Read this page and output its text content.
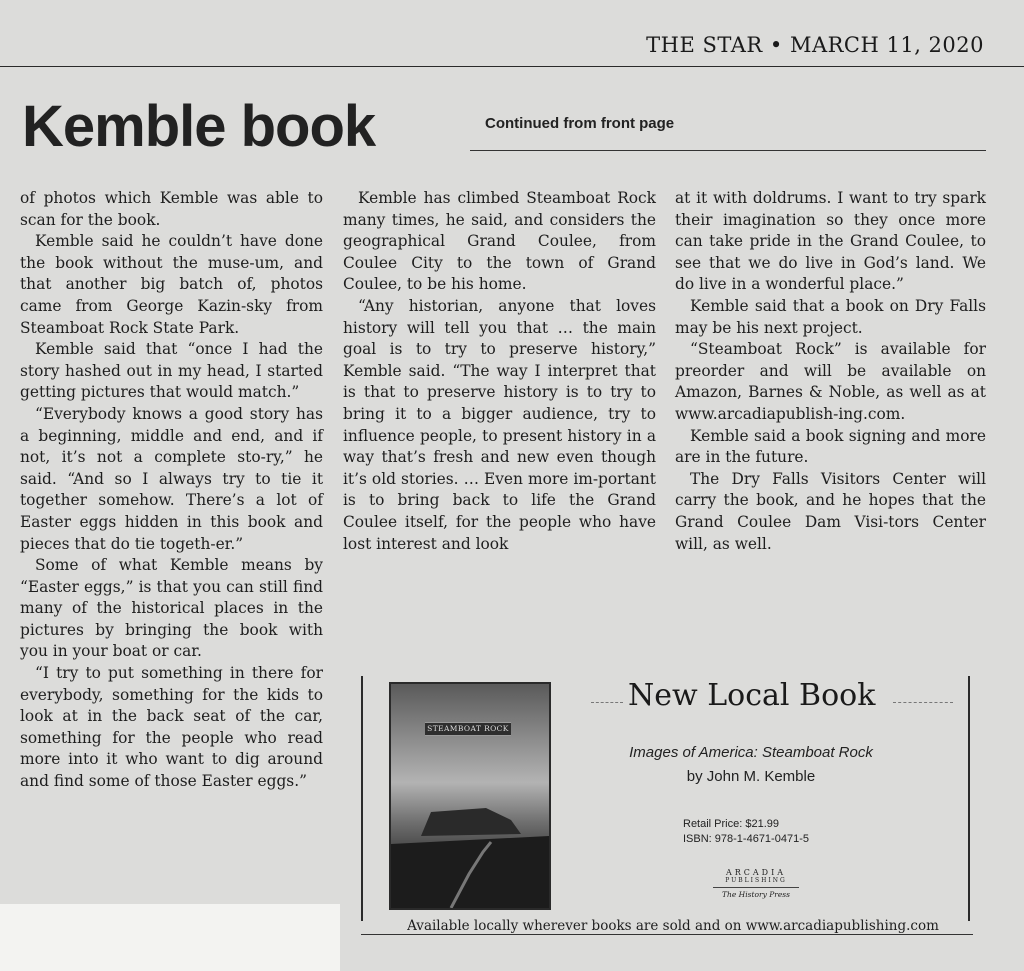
THE STAR • MARCH 11, 2020
Kemble book	Continued from front page

of photos which Kemble was able to scan for the book.

Kemble said he couldn’t have done the book without the muse-um, and that another big batch of, photos came from George Kazin-sky from Steamboat Rock State Park.

Kemble said that “once I had the story hashed out in my head, I started getting pictures that would match.”

“Everybody knows a good story has a beginning, middle and end, and if not, it’s not a complete sto-ry,” he said. “And so I always try to tie it together somehow. There’s a lot of Easter eggs hidden in this book and pieces that do tie togeth-er.”

Some of what Kemble means by “Easter eggs,” is that you can still find many of the historical places in the pictures by bringing the book with you in your boat or car.

“I try to put something in there for everybody, something for the kids to look at in the back seat of the car, something for the people who read more into it who want to dig around and find some of those Easter eggs.”

Kemble has climbed Steamboat Rock many times, he said, and considers the geographical Grand Coulee, from Coulee City to the town of Grand Coulee, to be his home.

“Any historian, anyone that loves history will tell you that … the main goal is to try to preserve history,” Kemble said. “The way I interpret that is that to preserve history is to try to bring it to a bigger audience, try to influence people, to present history in a way that’s fresh and new even though it’s old stories. … Even more im-portant is to bring back to life the Grand Coulee itself, for the people who have lost interest and look

at it with doldrums. I want to try spark their imagination so they once more can take pride in the Grand Coulee, to see that we do live in God’s land. We do live in a wonderful place.”

Kemble said that a book on Dry Falls may be his next project.

“Steamboat Rock” is available for preorder and will be available on Amazon, Barnes & Noble, as well as at www.arcadiapublish-ing.com.

Kemble said a book signing and more are in the future.

The Dry Falls Visitors Center will carry the book, and he hopes that the Grand Coulee Dam Visi-tors Center will, as well.

STEAMBOAT ROCK
New Local Book
Images of America: Steamboat Rock
by John M. Kemble
Retail Price: $21.99
ISBN: 978-1-4671-0471-5
ARCADIA
PUBLISHING
The History Press
Available locally wherever books are sold and on www.arcadiapublishing.com
